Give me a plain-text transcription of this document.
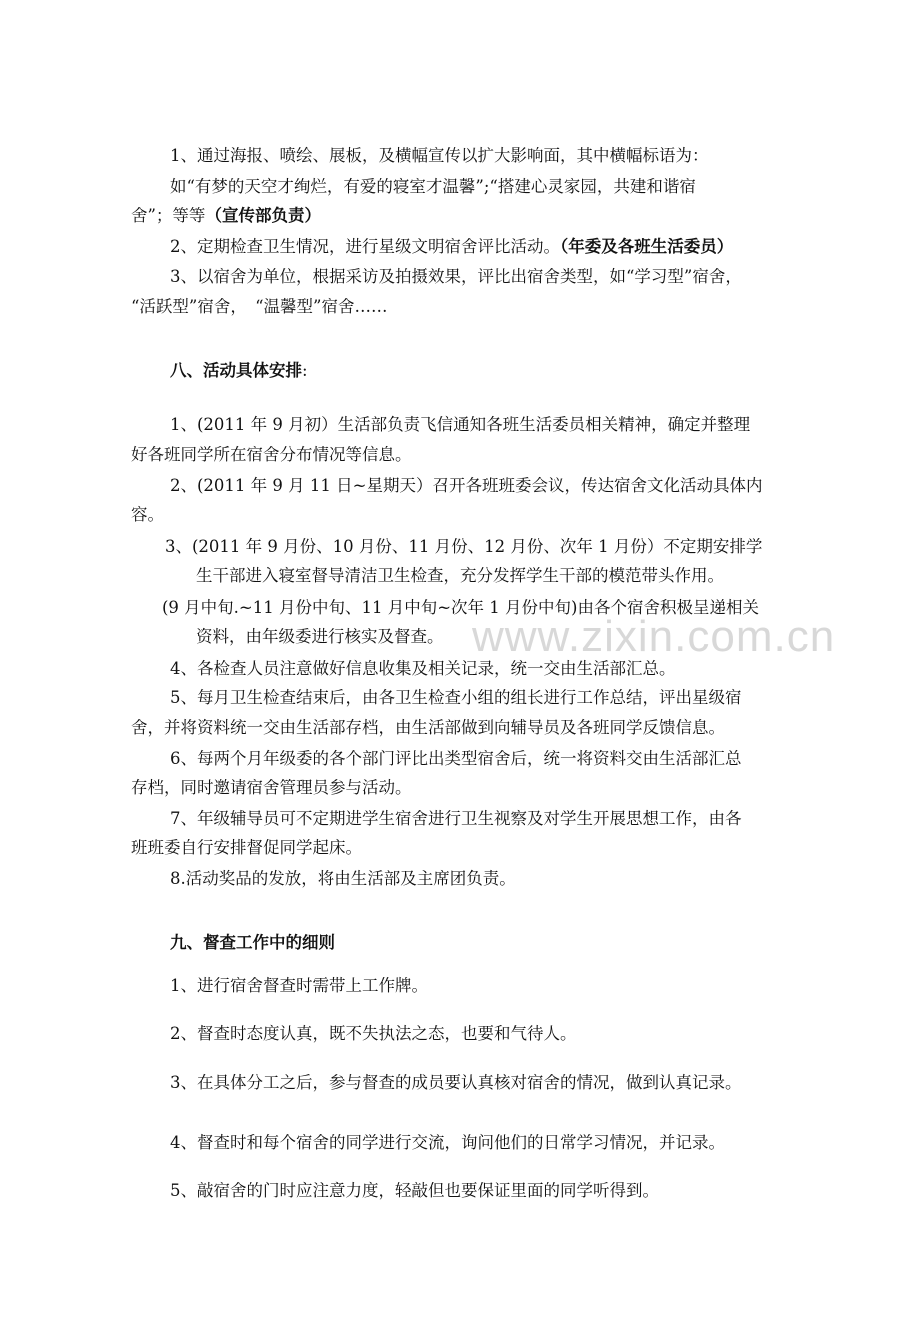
www.zixin.com.cn
1、通过海报、喷绘、展板，及横幅宣传以扩大影响面，其中横幅标语为：
如“有梦的天空才绚烂，有爱的寝室才温馨”;“搭建心灵家园，共建和谐宿
舍”；等等（宣传部负责）
2、定期检查卫生情况，进行星级文明宿舍评比活动。（年委及各班生活委员）
3、以宿舍为单位，根据采访及拍摄效果，评比出宿舍类型，如“学习型”宿舍，
“活跃型”宿舍，　“温馨型”宿舍……
八、活动具体安排:
1、(2011 年 9 月初）生活部负责飞信通知各班生活委员相关精神，确定并整理
好各班同学所在宿舍分布情况等信息。
2、(2011 年 9 月 11 日~星期天）召开各班班委会议，传达宿舍文化活动具体内
容。
3、(2011 年 9 月份、10 月份、11 月份、12 月份、次年 1 月份）不定期安排学
生干部进入寝室督导清洁卫生检查，充分发挥学生干部的模范带头作用。
(9 月中旬.~11 月份中旬、11 月中旬~次年 1 月份中旬)由各个宿舍积极呈递相关
资料，由年级委进行核实及督查。
4、各检查人员注意做好信息收集及相关记录，统一交由生活部汇总。
5、每月卫生检查结束后，由各卫生检查小组的组长进行工作总结，评出星级宿
舍，并将资料统一交由生活部存档，由生活部做到向辅导员及各班同学反馈信息。
6、每两个月年级委的各个部门评比出类型宿舍后，统一将资料交由生活部汇总
存档，同时邀请宿舍管理员参与活动。
7、年级辅导员可不定期进学生宿舍进行卫生视察及对学生开展思想工作，由各
班班委自行安排督促同学起床。
8.活动奖品的发放，将由生活部及主席团负责。
九、督查工作中的细则
1、进行宿舍督查时需带上工作牌。
2、督查时态度认真，既不失执法之态，也要和气待人。
3、在具体分工之后，参与督查的成员要认真核对宿舍的情况，做到认真记录。
4、督查时和每个宿舍的同学进行交流，询问他们的日常学习情况，并记录。
5、敲宿舍的门时应注意力度，轻敲但也要保证里面的同学听得到。
